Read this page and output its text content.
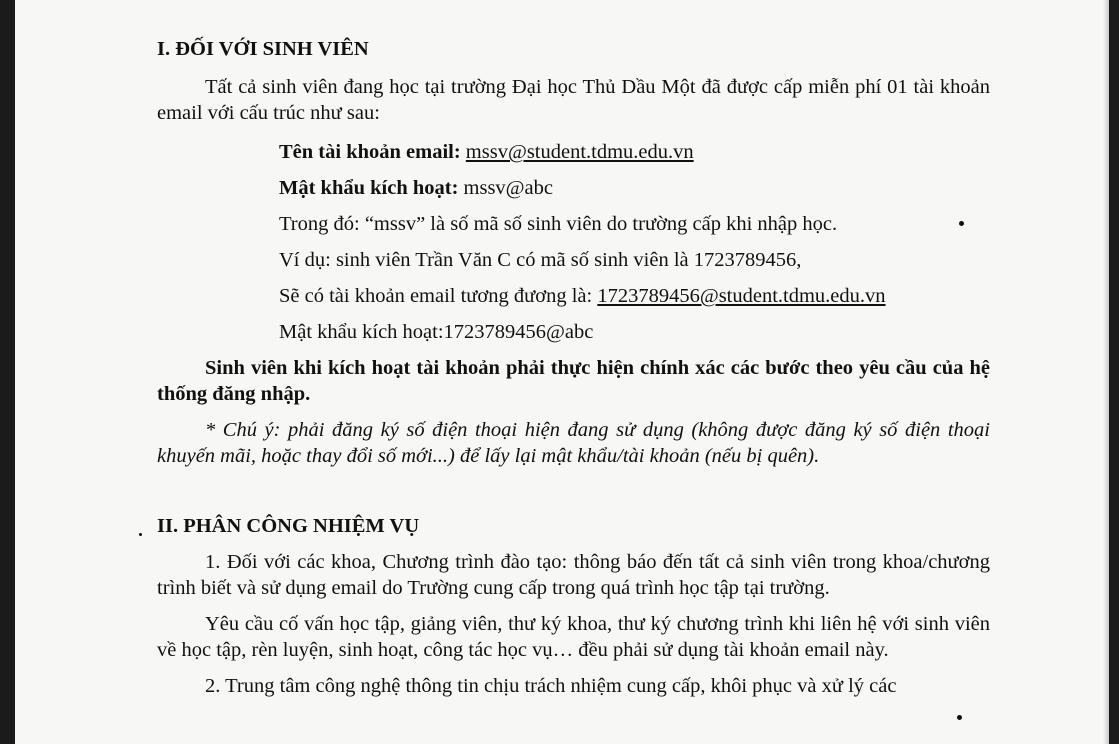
I. ĐỐI VỚI SINH VIÊN

Tất cả sinh viên đang học tại trường Đại học Thủ Dầu Một đã được cấp miễn phí 01 tài khoản email với cấu trúc như sau:

Tên tài khoản email: mssv@student.tdmu.edu.vn

Mật khẩu kích hoạt: mssv@abc

Trong đó: “mssv” là số mã số sinh viên do trường cấp khi nhập học.

Ví dụ: sinh viên Trần Văn C có mã số sinh viên là 1723789456,

Sẽ có tài khoản email tương đương là: 1723789456@student.tdmu.edu.vn

Mật khẩu kích hoạt:1723789456@abc

Sinh viên khi kích hoạt tài khoản phải thực hiện chính xác các bước theo yêu cầu của hệ thống đăng nhập.

* Chú ý: phải đăng ký số điện thoại hiện đang sử dụng (không được đăng ký số điện thoại khuyến mãi, hoặc thay đổi số mới...) để lấy lại mật khẩu/tài khoản (nếu bị quên).

II. PHÂN CÔNG NHIỆM VỤ

1. Đối với các khoa, Chương trình đào tạo: thông báo đến tất cả sinh viên trong khoa/chương trình biết và sử dụng email do Trường cung cấp trong quá trình học tập tại trường.

Yêu cầu cố vấn học tập, giảng viên, thư ký khoa, thư ký chương trình khi liên hệ với sinh viên về học tập, rèn luyện, sinh hoạt, công tác học vụ… đều phải sử dụng tài khoản email này.

2. Trung tâm công nghệ thông tin chịu trách nhiệm cung cấp, khôi phục và xử lý các
